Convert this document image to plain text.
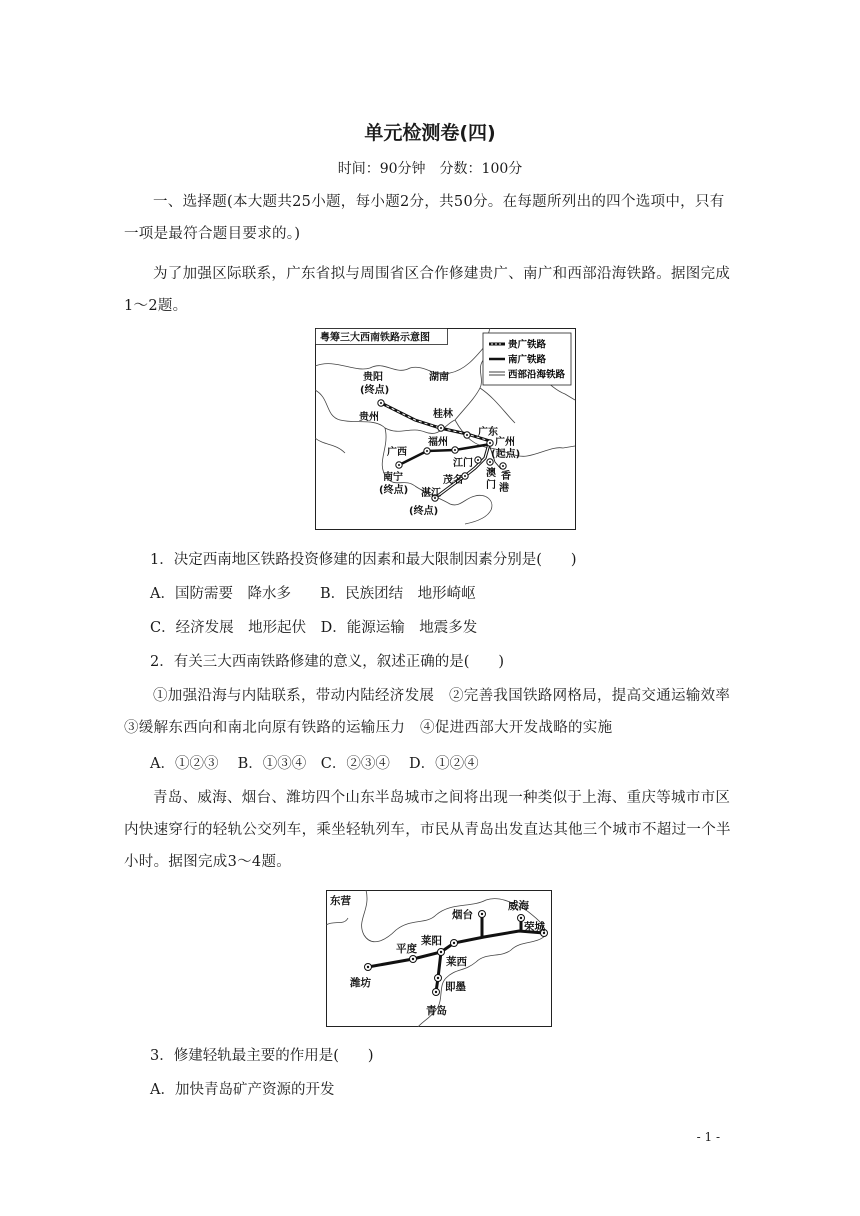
单元检测卷(四)
时间：90分钟　分数：100分
一、选择题(本大题共25小题，每小题2分，共50分。在每题所列出的四个选项中，只有一项是最符合题目要求的。)
为了加强区际联系，广东省拟与周围省区合作修建贵广、南广和西部沿海铁路。据图完成1～2题。
粤筹三大西南铁路示意图
贵广铁路
南广铁路
西部沿海铁路
贵阳
(终点)
湖南
贵州	桂林
广东
广西
福州	广州
(起点)
江门
南宁
(终点)
茂名
澳
门
香
港
湛江
(终点)
1．决定西南地区铁路投资修建的因素和最大限制因素分别是(　　)
A．国防需要　降水多　　B．民族团结　地形崎岖
C．经济发展　地形起伏　D．能源运输　地震多发
2．有关三大西南铁路修建的意义，叙述正确的是(　　)
①加强沿海与内陆联系，带动内陆经济发展　②完善我国铁路网格局，提高交通运输效率　③缓解东西向和南北向原有铁路的运输压力　④促进西部大开发战略的实施
A．①②③　 B．①③④　C．②③④　 D．①②④
青岛、威海、烟台、潍坊四个山东半岛城市之间将出现一种类似于上海、重庆等城市市区内快速穿行的轻轨公交列车，乘坐轻轨列车，市民从青岛出发直达其他三个城市不超过一个半小时。据图完成3～4题。
东营	威海
烟台
荣城
莱阳
平度
莱西
潍坊	即墨
青岛
3．修建轻轨最主要的作用是(　　)
A．加快青岛矿产资源的开发
- 1 -
